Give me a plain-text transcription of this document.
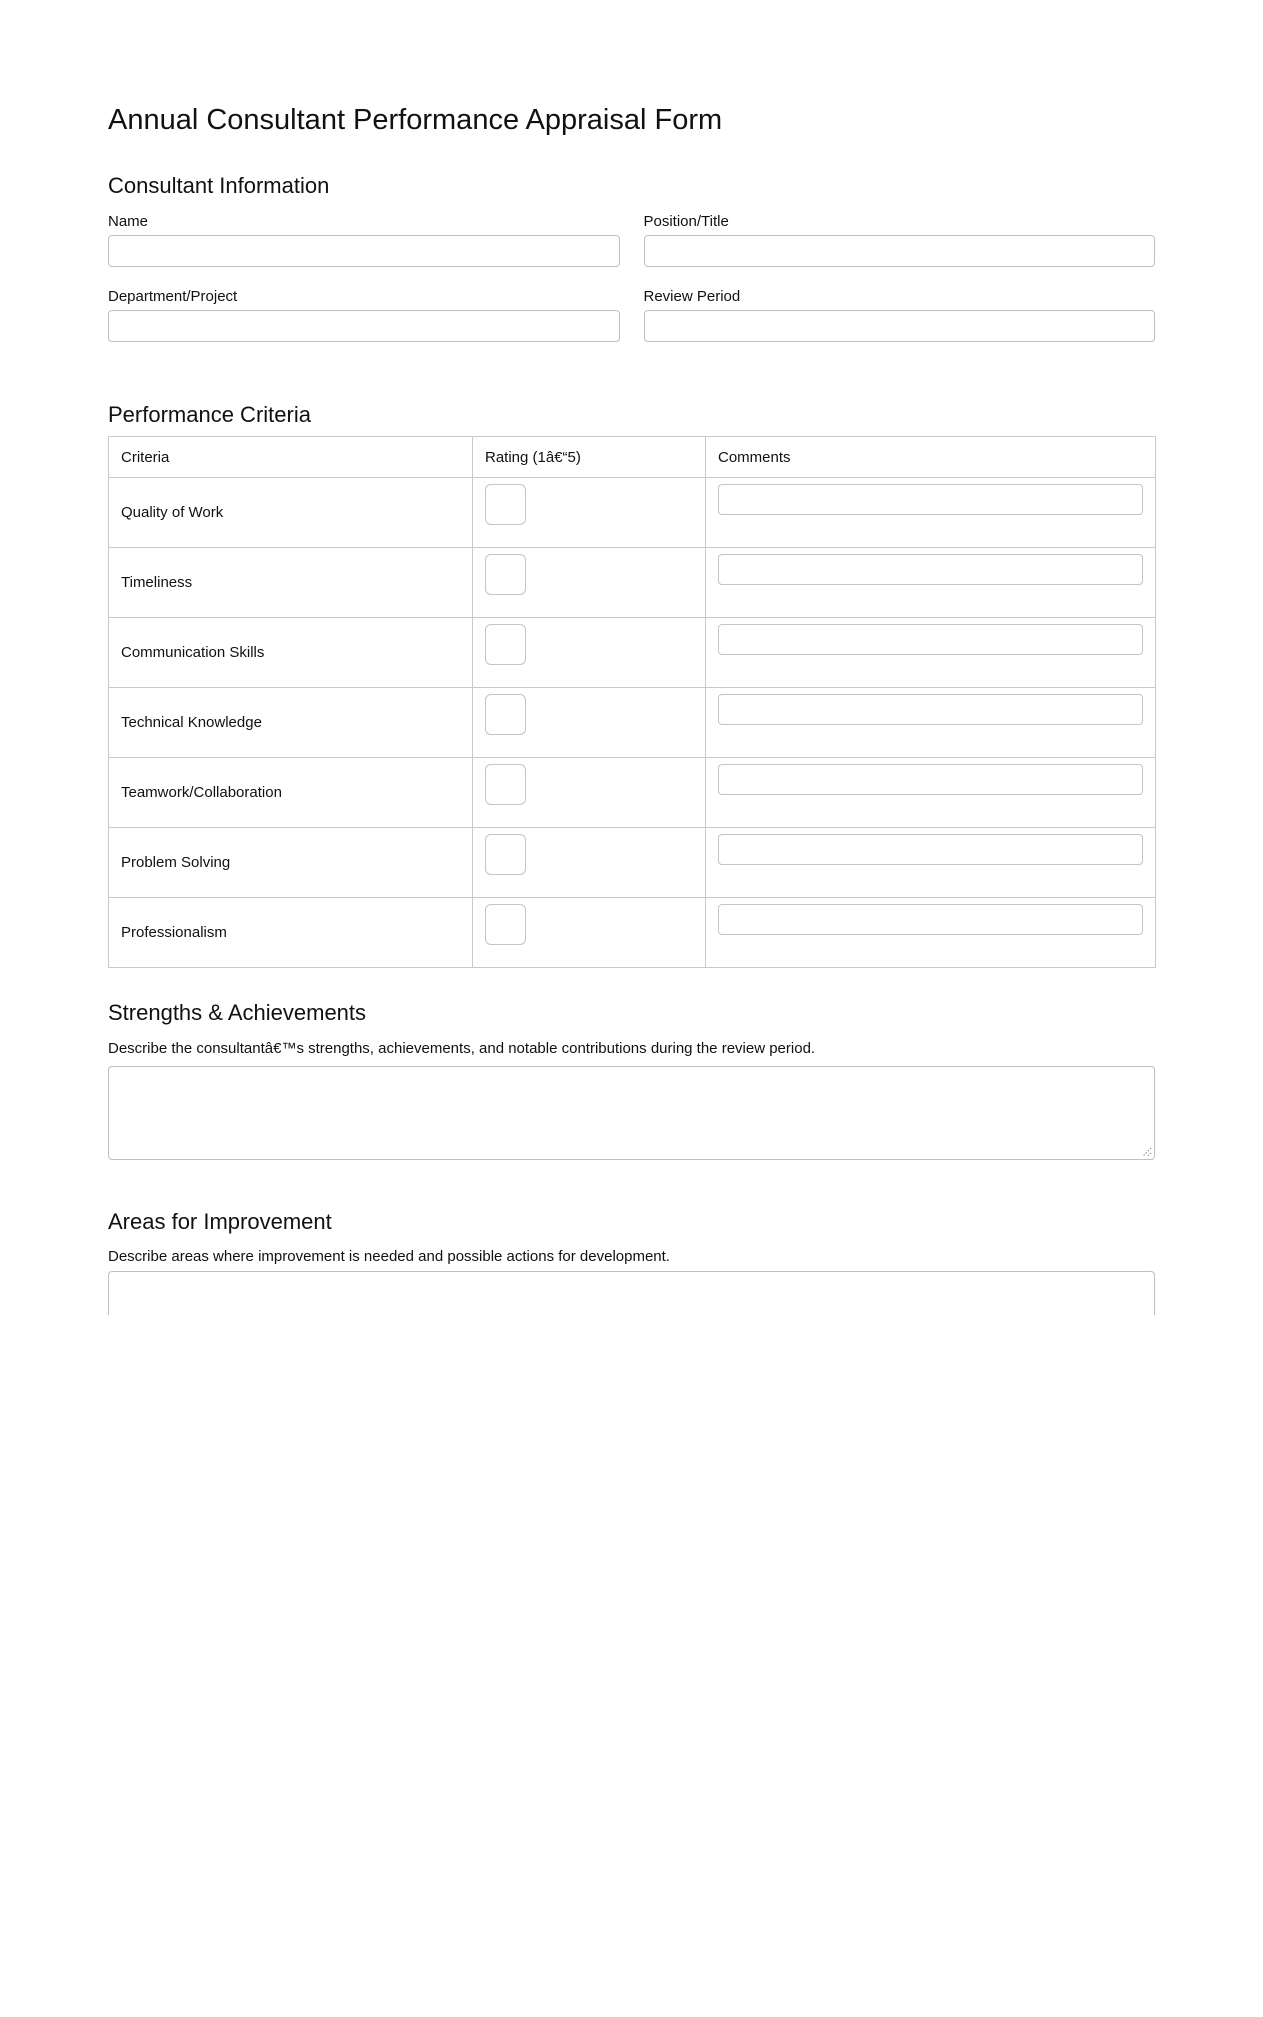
Annual Consultant Performance Appraisal Form
Consultant Information
Name	Position/Title
Department/Project	Review Period
Performance Criteria
Criteria	Rating (1â€“5)	Comments
Quality of Work		
Timeliness		
Communication Skills		
Technical Knowledge		
Teamwork/Collaboration		
Problem Solving		
Professionalism		
Strengths & Achievements

Describe the consultantâ€™s strengths, achievements, and notable contributions during the review period.

Areas for Improvement

Describe areas where improvement is needed and possible actions for development.
